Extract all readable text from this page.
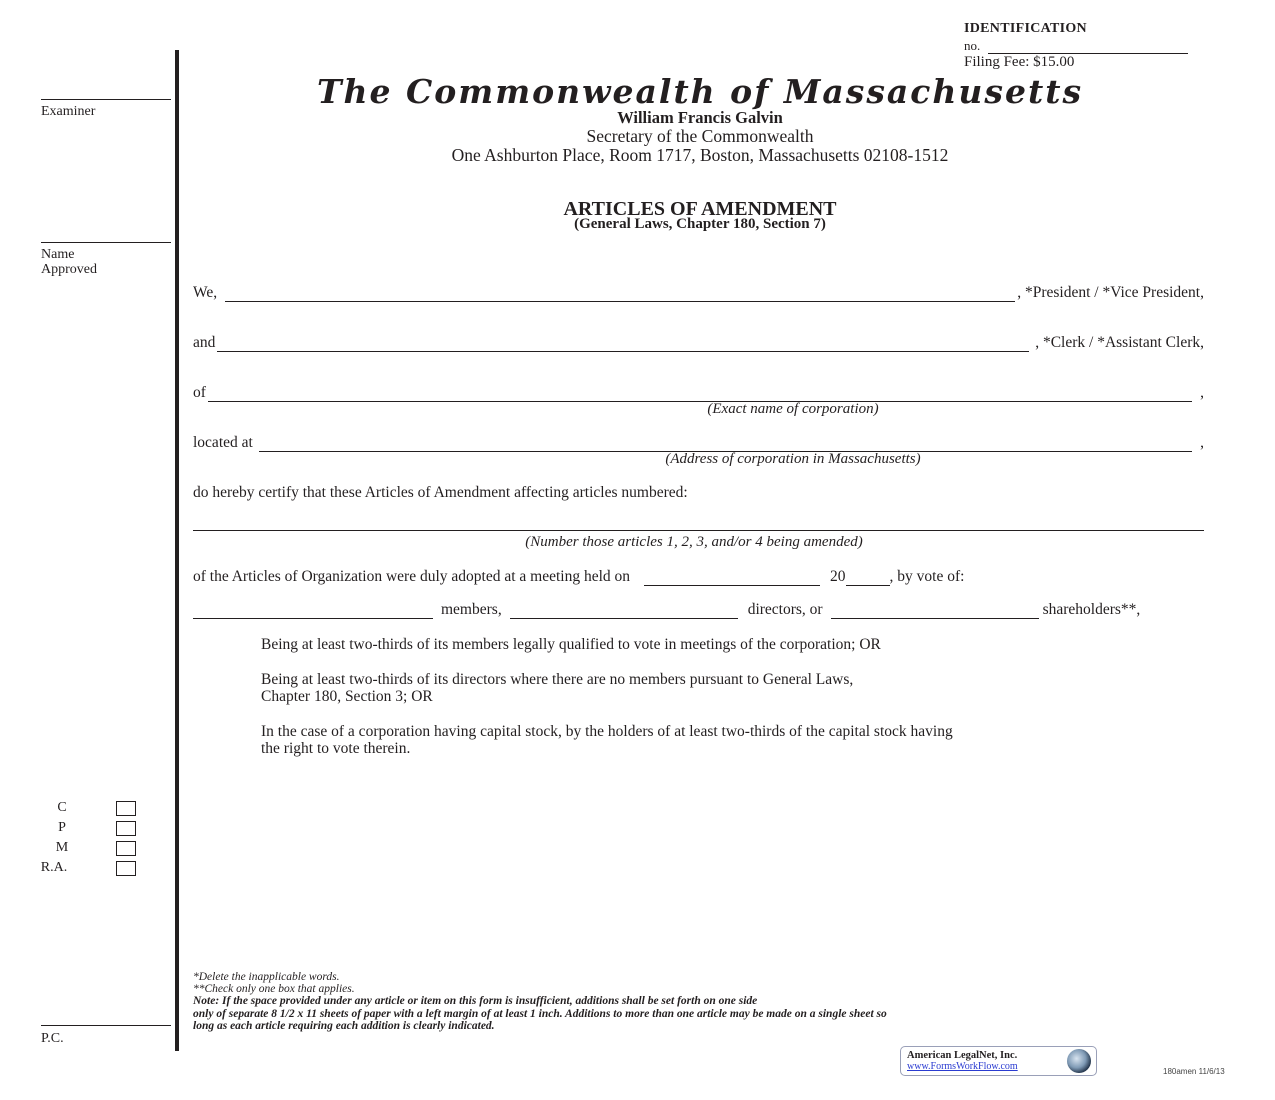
Examiner
Name
Approved
C
P
M
R.A.
P.C.
IDENTIFICATION
no.
Filing Fee: $15.00
The Commonwealth of Massachusetts
William Francis Galvin
Secretary of the Commonwealth
One Ashburton Place, Room 1717, Boston, Massachusetts 02108-1512
ARTICLES OF AMENDMENT
(General Laws, Chapter 180, Section 7)
We,	, *President / *Vice President,
and	, *Clerk / *Assistant Clerk,
of	,
(Exact name of corporation)
located at	,
(Address of corporation in Massachusetts)
do hereby certify that these Articles of Amendment affecting articles numbered:
(Number those articles 1, 2, 3, and/or 4 being amended)
of the Articles of Organization were duly adopted at a meeting held on	20	, by vote of:
members,	directors, or	shareholders**,
Being at least two-thirds of its members legally qualified to vote in meetings of the corporation; OR
Being at least two-thirds of its directors where there are no members pursuant to General Laws,
Chapter 180, Section 3; OR
In the case of a corporation having capital stock, by the holders of at least two-thirds of the capital stock having
the right to vote therein.
*Delete the inapplicable words.
**Check only one box that applies.
Note: If the space provided under any article or item on this form is insufficient, additions shall be set forth on one side
only of separate 8 1/2 x 11 sheets of paper with a left margin of at least 1 inch. Additions to more than one article may be made on a single sheet so
long as each article requiring each addition is clearly indicated.
American LegalNet, Inc.
www.FormsWorkFlow.com	180amen 11/6/13
